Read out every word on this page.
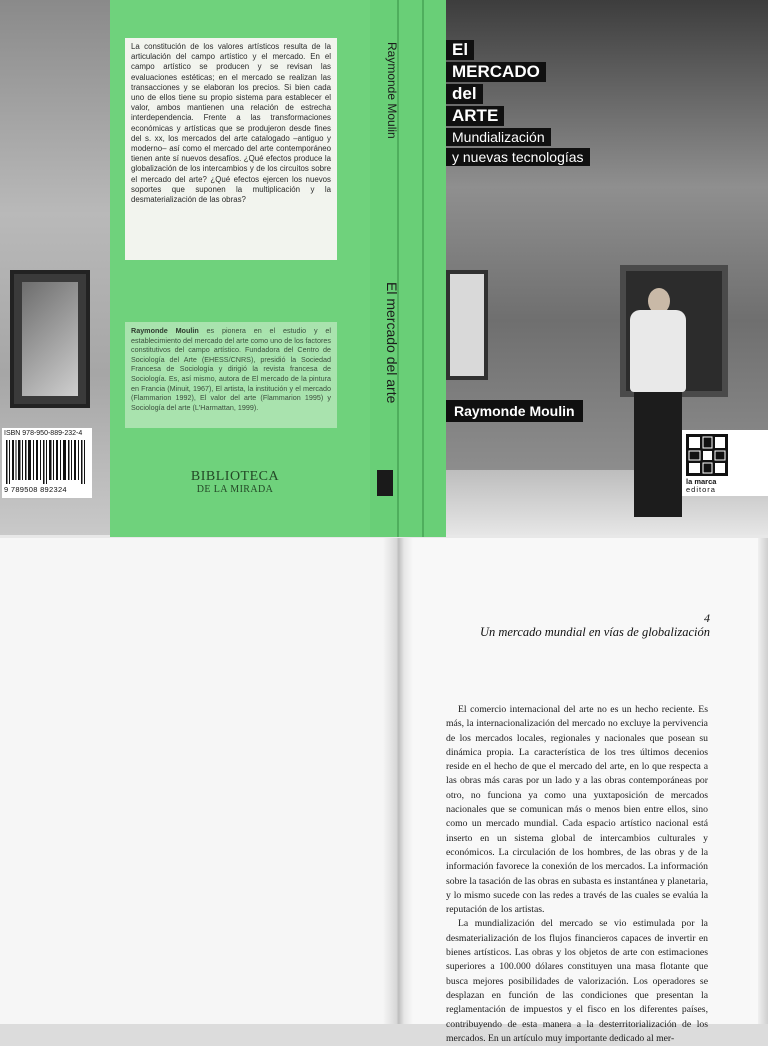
La constitución de los valores artísticos resulta de la articulación del campo artístico y el mercado. En el campo artístico se producen y se revisan las evaluaciones estéticas; en el mercado se realizan las transacciones y se elaboran los precios. Si bien cada uno de ellos tiene su propio sistema para establecer el valor, ambos mantienen una relación de estrecha interdependencia. Frente a las transformaciones económicas y artísticas que se produjeron desde fines del s. xx, los mercados del arte catalogado –antiguo y moderno– así como el mercado del arte contemporáneo tienen ante sí nuevos desafíos. ¿Qué efectos produce la globalización de los intercambios y de los circuitos sobre el mercado del arte? ¿Qué efectos ejercen los nuevos soportes que suponen la multiplicación y la desmaterialización de las obras?

Raymonde Moulin es pionera en el estudio y el establecimiento del mercado del arte como uno de los factores constitutivos del campo artístico. Fundadora del Centro de Sociología del Arte (EHESS/CNRS), presidió la Sociedad Francesa de Sociología y dirigió la revista francesa de Sociología. Es, así mismo, autora de El mercado de la pintura en Francia (Minuit, 1967), El artista, la institución y el mercado (Flammarion 1992), El valor del arte (Flammarion 1995) y Sociología del arte (L'Harmattan, 1999).

BIBLIOTECA
DE LA MIRADA
ISBN 978-950-889-232-4
9 789508 892324
Raymonde Moulin
El mercado del arte
El
MERCADO
del
ARTE
Mundialización
y nuevas tecnologías
Raymonde Moulin
la marca
editora
4
Un mercado mundial en vías de globalización

El comercio internacional del arte no es un hecho reciente. Es más, la internacionalización del mercado no excluye la pervivencia de los mercados locales, regionales y nacionales que posean su dinámica propia. La característica de los tres últimos decenios reside en el hecho de que el mercado del arte, en lo que respecta a las obras más caras por un lado y a las obras contemporáneas por otro, no funciona ya como una yuxtaposición de mercados nacionales que se comunican más o menos bien entre ellos, sino como un mercado mundial. Cada espacio artístico nacional está inserto en un sistema global de intercambios culturales y económicos. La circulación de los hombres, de las obras y de la información favorece la conexión de los mercados. La información sobre la tasación de las obras en subasta es instantánea y planetaria, y lo mismo sucede con las redes a través de las cuales se evalúa la reputación de los artistas.

La mundialización del mercado se vio estimulada por la desmaterialización de los flujos financieros capaces de invertir en bienes artísticos. Las obras y los objetos de arte con estimaciones superiores a 100.000 dólares constituyen una masa flotante que busca mejores posibilidades de valorización. Los operadores se desplazan en función de las condiciones que presentan la reglamentación de impuestos y el fisco en los diferentes países, contribuyendo de esta manera a la desterritorialización de los mercados. En un artículo muy importante dedicado al mer-
